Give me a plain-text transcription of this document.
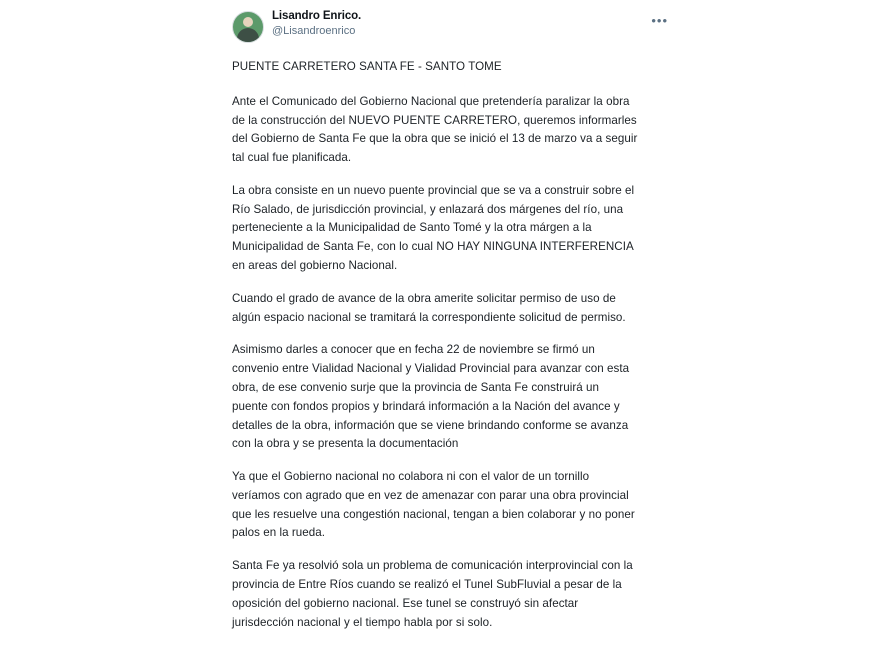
Lisandro Enrico.
@Lisandroenrico
•••

PUENTE CARRETERO SANTA FE - SANTO TOME

Ante el Comunicado del Gobierno Nacional que pretendería paralizar la obra de la construcción del NUEVO PUENTE CARRETERO, queremos informarles del Gobierno de Santa Fe que la obra que se inició el 13 de marzo va a seguir tal cual fue planificada.

La obra consiste en un nuevo puente provincial que se va a construir sobre el Río Salado, de jurisdicción provincial, y enlazará dos márgenes del río, una perteneciente a la Municipalidad de Santo Tomé y la otra márgen a la Municipalidad de Santa Fe, con lo cual NO HAY NINGUNA INTERFERENCIA en areas del gobierno Nacional.

Cuando el grado de avance de la obra amerite solicitar permiso de uso de algún espacio nacional se tramitará la correspondiente solicitud de permiso.

Asimismo darles a conocer que en fecha 22 de noviembre se firmó un convenio entre Vialidad Nacional y Vialidad Provincial para avanzar con esta obra, de ese convenio surje que la provincia de Santa Fe construirá un puente con fondos propios y brindará información a la Nación del avance y detalles de la obra, información que se viene brindando conforme se avanza con la obra y se presenta la documentación

Ya que el Gobierno nacional no colabora ni con el valor de un tornillo veríamos con agrado que en vez de amenazar con parar una obra provincial que les resuelve una congestión nacional, tengan a bien colaborar y no poner palos en la rueda.

Santa Fe ya resolvió sola un problema de comunicación interprovincial con la provincia de Entre Ríos cuando se realizó el Tunel SubFluvial a pesar de la oposición del gobierno nacional. Ese tunel se construyó sin afectar jurisdección nacional y el tiempo habla por si solo.
